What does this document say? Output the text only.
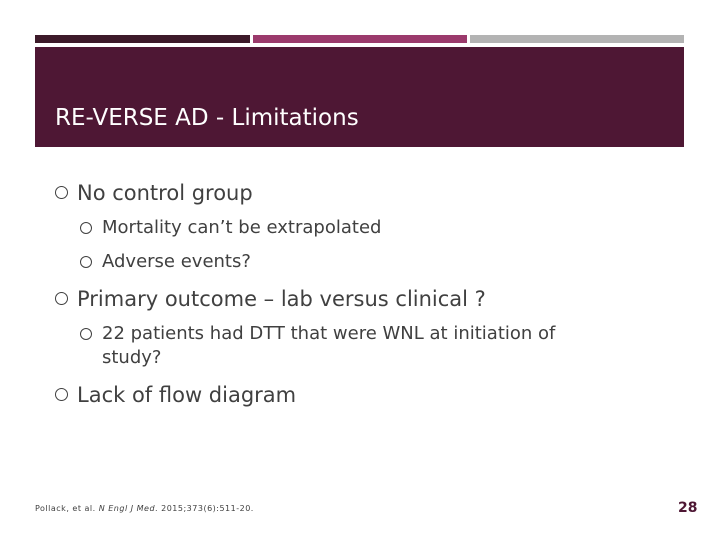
RE-VERSE AD - Limitations
No control group
Mortality can’t be extrapolated
Adverse events?
Primary outcome – lab versus clinical ?
22 patients had DTT that were WNL at initiation of study?
Lack of flow diagram
Pollack, et al. N Engl J Med. 2015;373(6):511-20.	28
